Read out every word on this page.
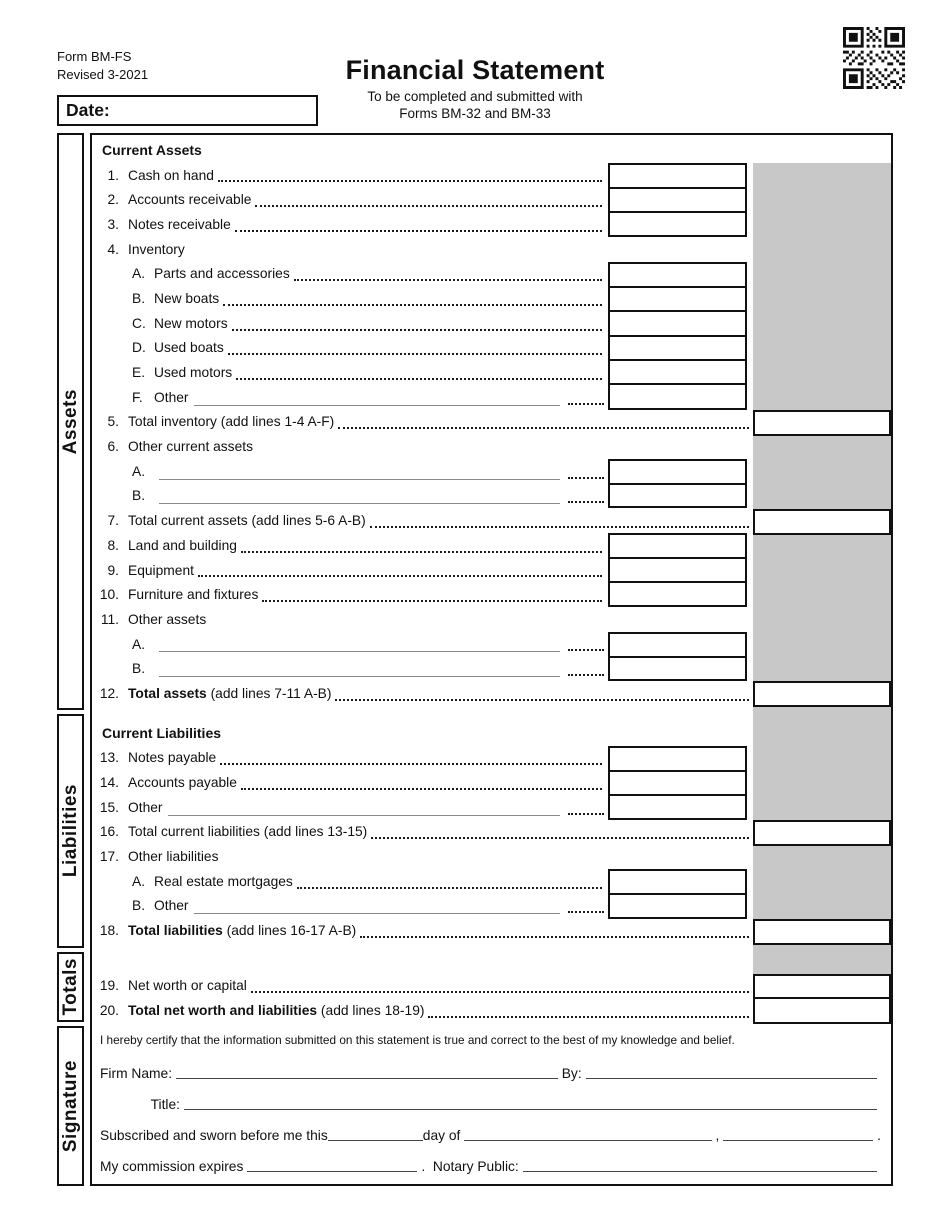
Form BM-FS
Revised 3-2021	Financial Statement
To be completed and submitted with
Forms BM-32 and BM-33
Date:
Assets
Liabilities
Totals
Signature
Current Assets
1. Cash on hand
2. Accounts receivable
3. Notes receivable
4. Inventory
A. Parts and accessories
B. New boats
C. New motors
D. Used boats
E. Used motors
F. Other
5. Total inventory (add lines 1-4 A-F)
6. Other current assets
A.
B.
7. Total current assets (add lines 5-6 A-B)
8. Land and building
9. Equipment
10. Furniture and fixtures
11. Other assets
A.
B.
12. Total assets (add lines 7-11 A-B)
Current Liabilities
13. Notes payable
14. Accounts payable
15. Other
16. Total current liabilities (add lines 13-15)
17. Other liabilities
A. Real estate mortgages
B. Other
18. Total liabilities (add lines 16-17 A-B)
19. Net worth or capital
20. Total net worth and liabilities (add lines 18-19)
I hereby certify that the information submitted on this statement is true and correct to the best of my knowledge and belief.
Firm Name:	By:
Title:
Subscribed and sworn before me this	day of	,	.
My commission expires	.  Notary Public:
